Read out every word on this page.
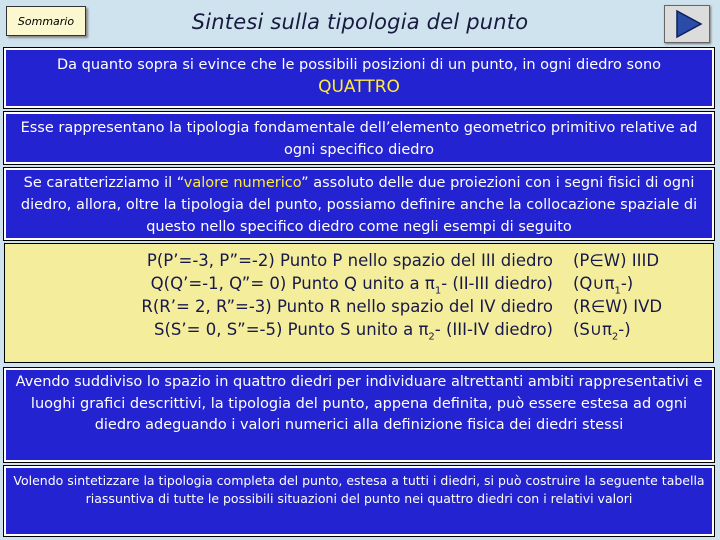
Sommario	Sintesi sulla tipologia del punto
Da quanto sopra si evince che le possibili posizioni di un punto, in ogni diedro sono
QUATTRO
Esse rappresentano la tipologia fondamentale dell’elemento geometrico primitivo relative ad ogni specifico diedro
Se caratterizziamo il “valore numerico” assoluto delle due proiezioni con i segni fisici di ogni diedro, allora, oltre la tipologia del punto, possiamo definire anche la collocazione spaziale di questo nello specifico diedro come negli esempi di seguito
P(P’=-3, P”=-2) Punto P nello spazio del III diedro (P∈W) IIID
Q(Q’=-1, Q”= 0) Punto Q unito a $\pi_1-$ (II-III diedro) $(Q\cup\pi_1-)$
R(R’= 2, R”=-3) Punto R nello spazio del IV diedro (R∈W) IVD
S(S’= 0, S”=-5) Punto S unito a $\pi_2-$ (III-IV diedro) $(S\cup\pi_2-)$
Avendo suddiviso lo spazio in quattro diedri per individuare altrettanti ambiti rappresentativi e luoghi grafici descrittivi, la tipologia del punto, appena definita, può essere estesa ad ogni diedro adeguando i valori numerici alla definizione fisica dei diedri stessi
Volendo sintetizzare la tipologia completa del punto, estesa a tutti i diedri, si può costruire la seguente tabella riassuntiva di tutte le possibili situazioni del punto nei quattro diedri con i relativi valori
